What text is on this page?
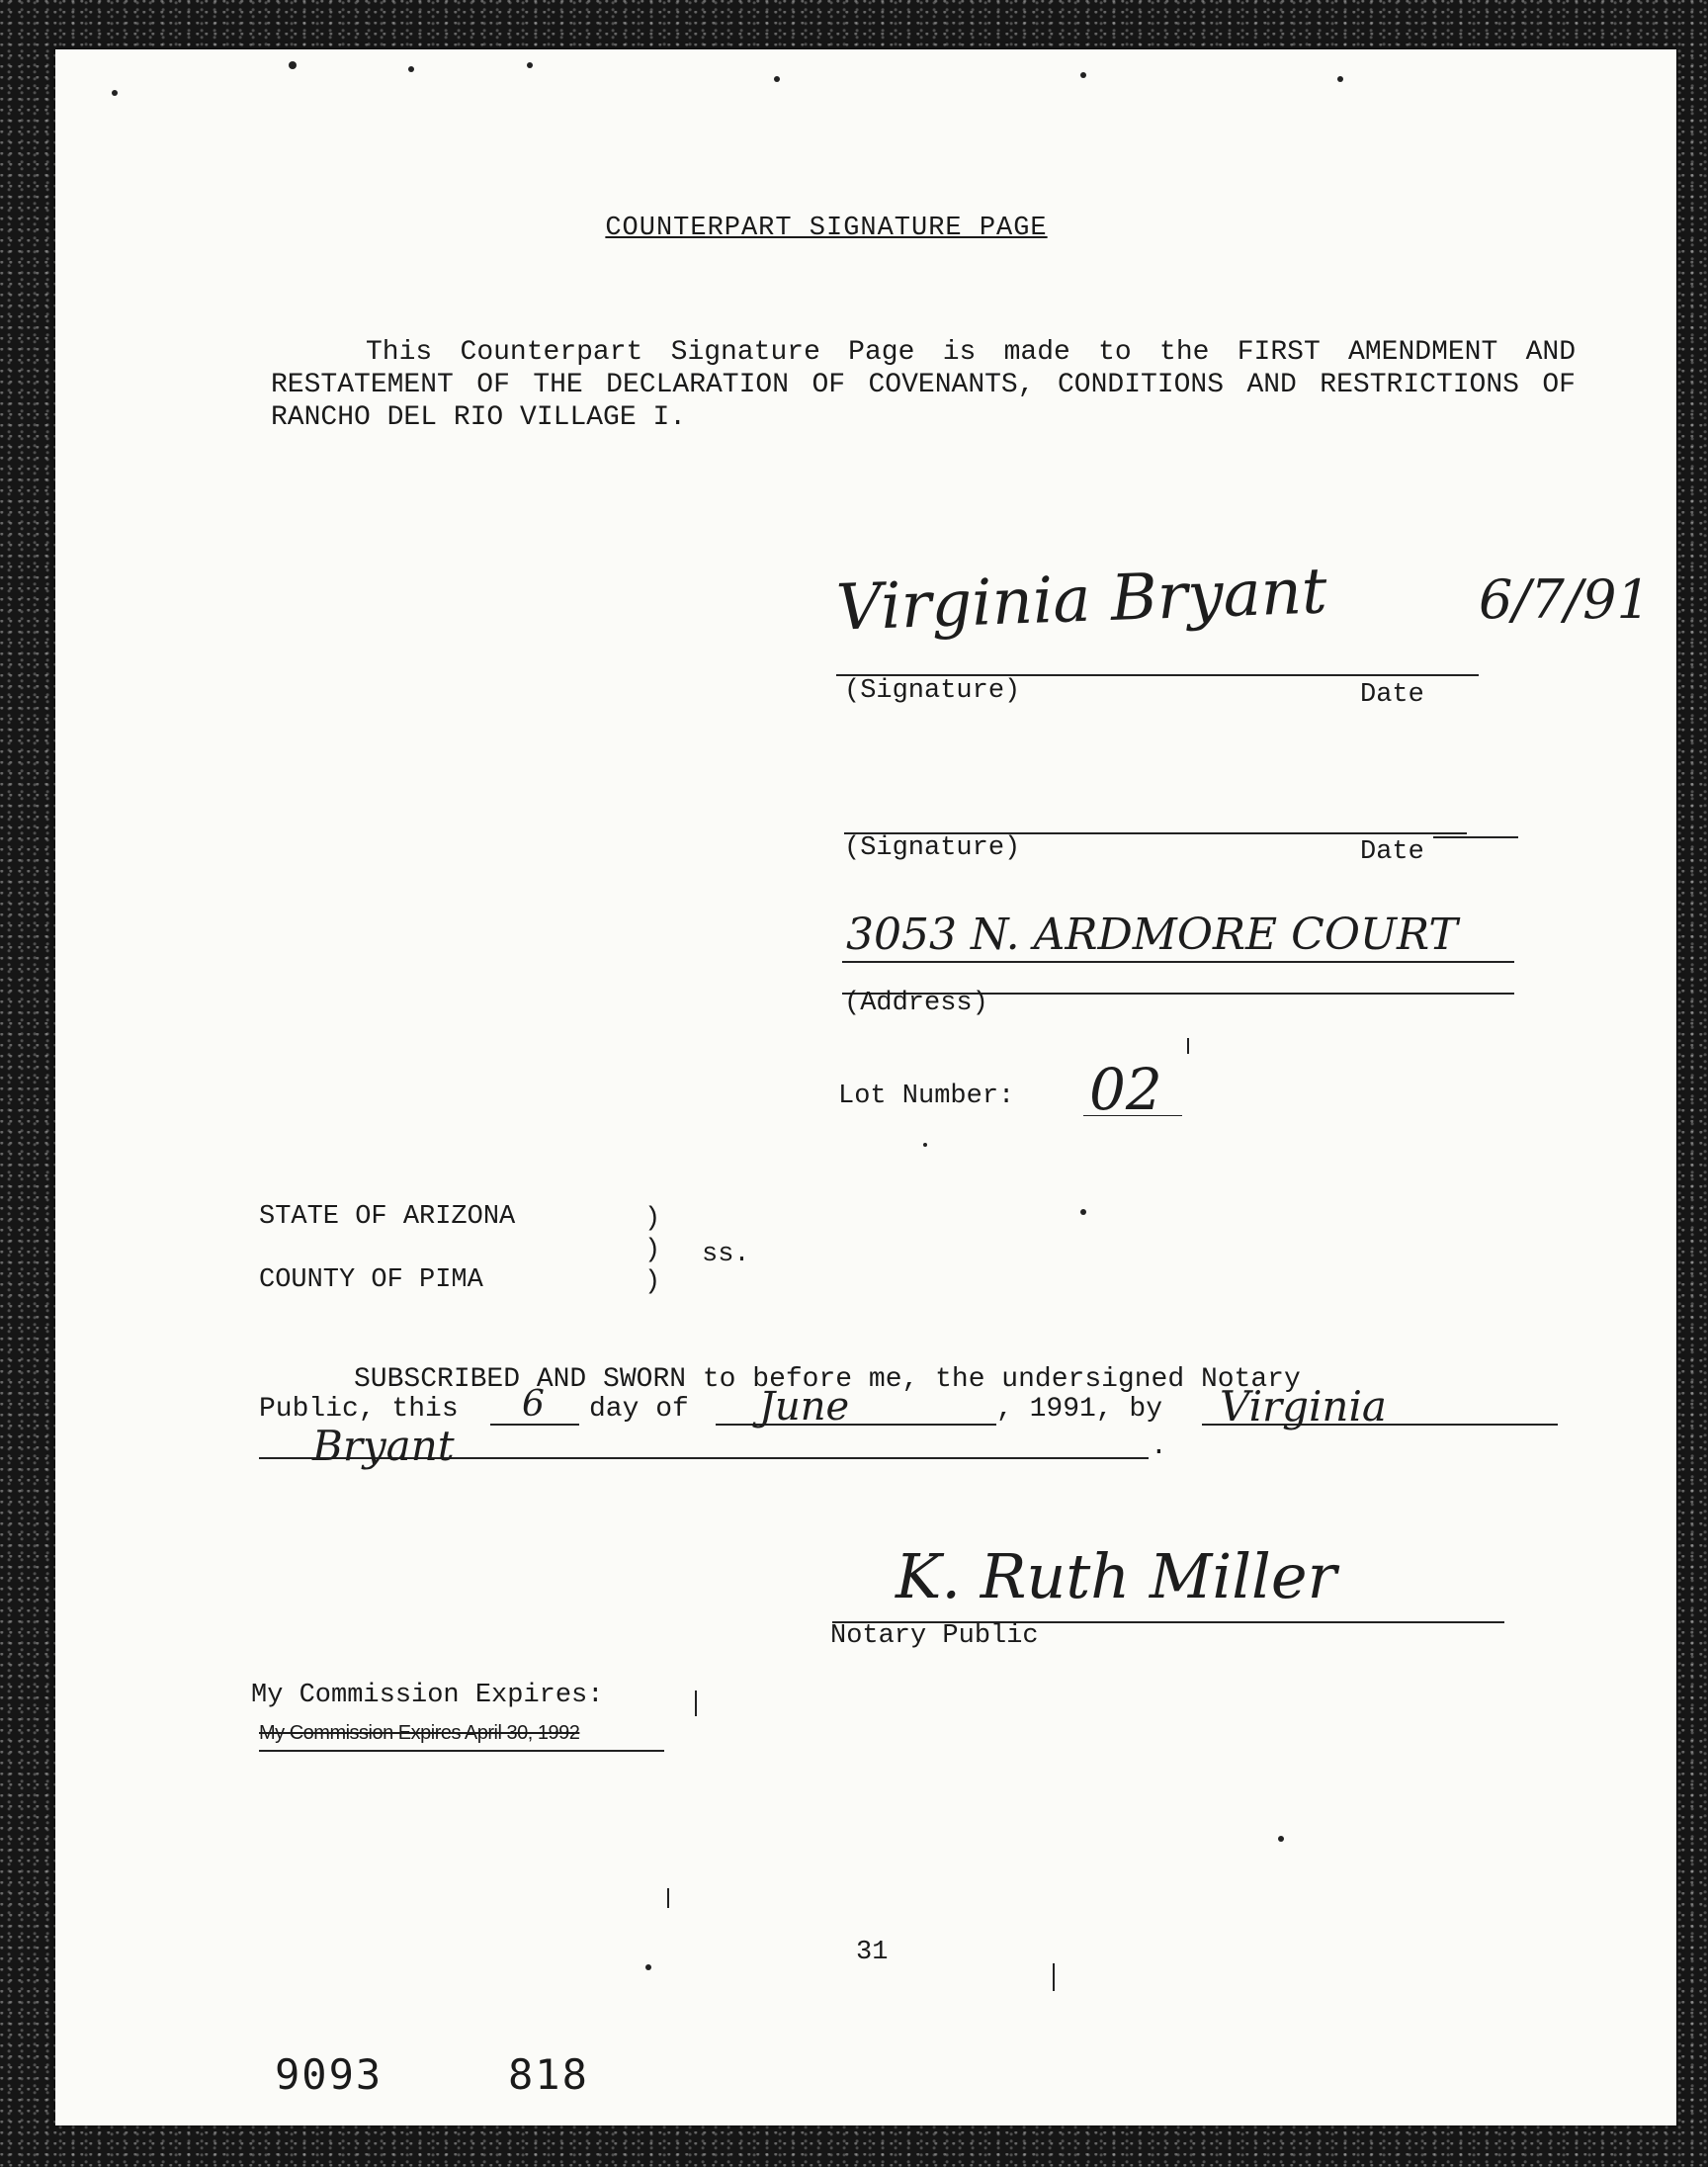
COUNTERPART SIGNATURE PAGE
This Counterpart Signature Page is made to the FIRST AMENDMENT AND RESTATEMENT OF THE DECLARATION OF COVENANTS, CONDITIONS AND RESTRICTIONS OF RANCHO DEL RIO VILLAGE I.
Virginia Bryant	6/7/91
(Signature)	Date
(Signature)	Date
3053 N. ARDMORE COURT
(Address)
Lot Number: 02
STATE OF ARIZONA	)
)
)
ss.
COUNTY OF PIMA
SUBSCRIBED AND SWORN to before me, the undersigned Notary
Public, this 6 day of June	, 1991, by Virginia
Bryant	.
K. Ruth Miller
Notary Public
My Commission Expires:
My Commission Expires April 30, 1992
31
9093	818
